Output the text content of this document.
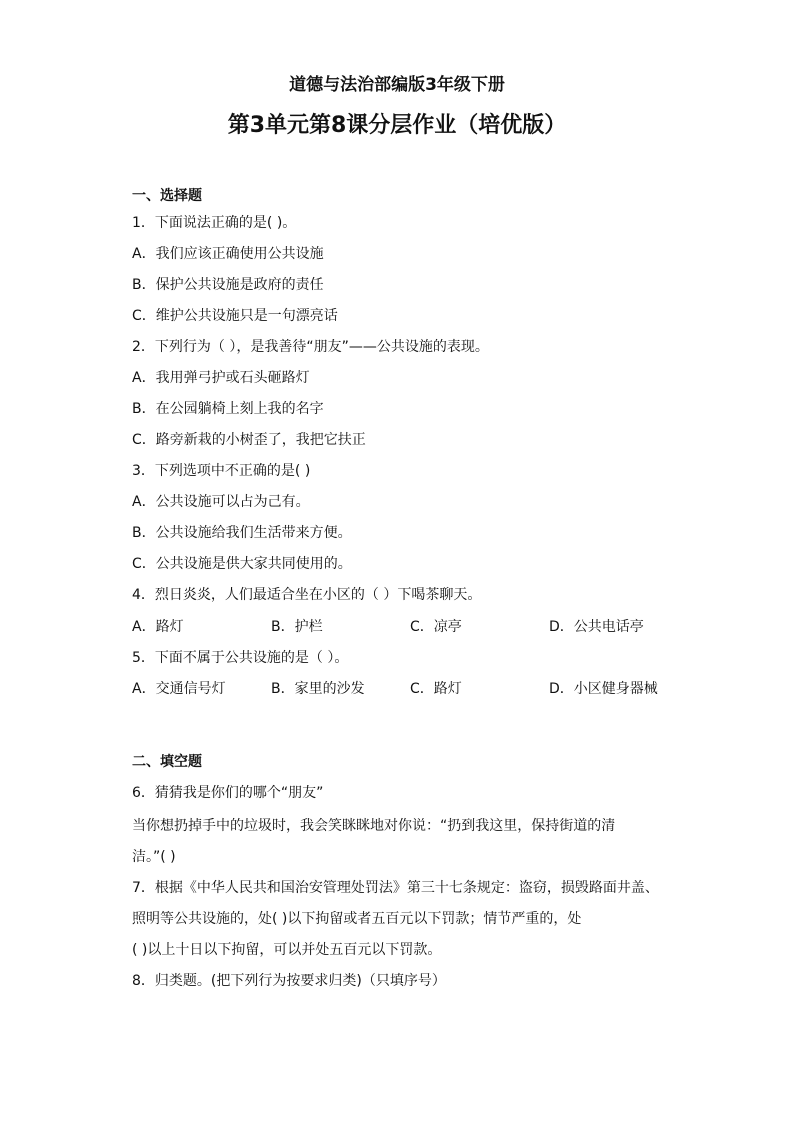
道德与法治部编版3年级下册
第3单元第8课分层作业（培优版）
一、选择题
1．下面说法正确的是( )。
A．我们应该正确使用公共设施
B．保护公共设施是政府的责任
C．维护公共设施只是一句漂亮话
2．下列行为（ ），是我善待“朋友”——公共设施的表现。
A．我用弹弓护或石头砸路灯
B．在公园躺椅上刻上我的名字
C．路旁新栽的小树歪了，我把它扶正
3．下列选项中不正确的是( )
A．公共设施可以占为己有。
B．公共设施给我们生活带来方便。
C．公共设施是供大家共同使用的。
4．烈日炎炎，人们最适合坐在小区的（ ）下喝茶聊天。
A．路灯	B．护栏	C．凉亭	D．公共电话亭
5．下面不属于公共设施的是（ ）。
A．交通信号灯	B．家里的沙发	C．路灯	D．小区健身器械
二、填空题
6．猜猜我是你们的哪个“朋友”
当你想扔掉手中的垃圾时，我会笑眯眯地对你说：“扔到我这里，保持街道的清
洁。”( )
7．根据《中华人民共和国治安管理处罚法》第三十七条规定：盗窃，损毁路面井盖、
照明等公共设施的，处( )以下拘留或者五百元以下罚款；情节严重的，处
( )以上十日以下拘留，可以并处五百元以下罚款。
8．归类题。(把下列行为按要求归类)（只填序号）
